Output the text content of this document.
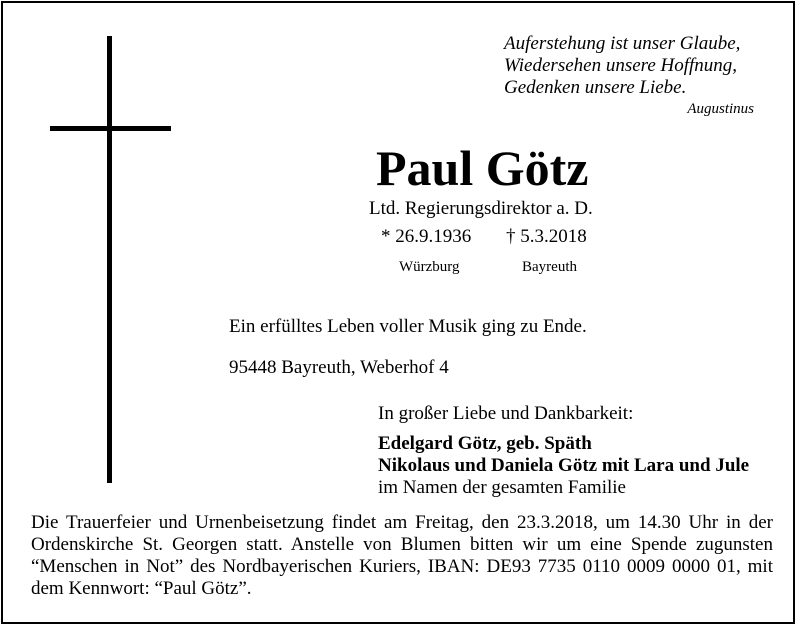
Auferstehung ist unser Glaube,
Wiedersehen unsere Hoffnung,
Gedenken unsere Liebe.
Augustinus
Paul Götz
Ltd. Regierungsdirektor a. D.
* 26.9.1936 † 5.3.2018
Würzburg	Bayreuth
Ein erfülltes Leben voller Musik ging zu Ende.
95448 Bayreuth, Weberhof 4
In großer Liebe und Dankbarkeit:
Edelgard Götz, geb. Späth
Nikolaus und Daniela Götz mit Lara und Jule
im Namen der gesamten Familie
Die Trauerfeier und Urnenbeisetzung findet am Freitag, den 23.3.2018, um 14.30 Uhr in der
Ordenskirche St. Georgen statt. Anstelle von Blumen bitten wir um eine Spende zugunsten
“Menschen in Not” des Nordbayerischen Kuriers, IBAN: DE93 7735 0110 0009 0000 01, mit
dem Kennwort: “Paul Götz”.
